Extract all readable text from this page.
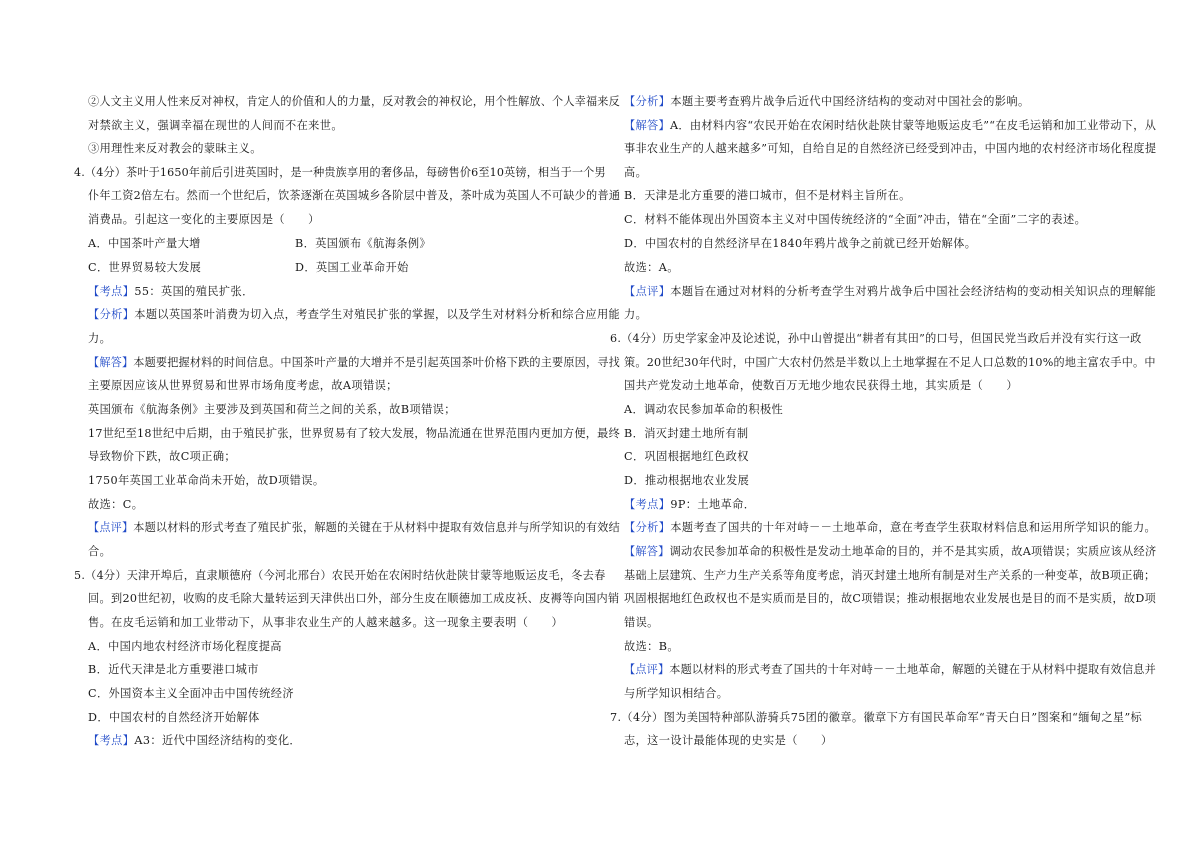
②人文主义用人性来反对神权，肯定人的价值和人的力量，反对教会的神权论，用个性解放、个人幸福来反
对禁欲主义，强调幸福在现世的人间而不在来世。
③用理性来反对教会的蒙昧主义。
4.（4分）茶叶于1650年前后引进英国时，是一种贵族享用的奢侈品，每磅售价6至10英镑，相当于一个男
仆年工资2倍左右。然而一个世纪后，饮茶逐渐在英国城乡各阶层中普及，茶叶成为英国人不可缺少的普通
消费品。引起这一变化的主要原因是（　　）
A．中国茶叶产量大增	B．英国颁布《航海条例》
C．世界贸易较大发展	D．英国工业革命开始
【考点】55：英国的殖民扩张．
【分析】本题以英国茶叶消费为切入点，考查学生对殖民扩张的掌握，以及学生对材料分析和综合应用能
力。
【解答】本题要把握材料的时间信息。中国茶叶产量的大增并不是引起英国茶叶价格下跌的主要原因，寻找
主要原因应该从世界贸易和世界市场角度考虑，故A项错误；
英国颁布《航海条例》主要涉及到英国和荷兰之间的关系，故B项错误；
17世纪至18世纪中后期，由于殖民扩张，世界贸易有了较大发展，物品流通在世界范围内更加方便，最终
导致物价下跌，故C项正确；
1750年英国工业革命尚未开始，故D项错误。
故选：C。
【点评】本题以材料的形式考查了殖民扩张，解题的关键在于从材料中提取有效信息并与所学知识的有效结
合。
5.（4分）天津开埠后，直隶顺德府（今河北邢台）农民开始在农闲时结伙赴陕甘蒙等地贩运皮毛，冬去春
回。到20世纪初，收购的皮毛除大量转运到天津供出口外，部分生皮在顺德加工成皮袄、皮褥等向国内销
售。在皮毛运销和加工业带动下，从事非农业生产的人越来越多。这一现象主要表明（　　）
A．中国内地农村经济市场化程度提高
B．近代天津是北方重要港口城市
C．外国资本主义全面冲击中国传统经济
D．中国农村的自然经济开始解体
【考点】A3：近代中国经济结构的变化．
【分析】本题主要考查鸦片战争后近代中国经济结构的变动对中国社会的影响。
【解答】A．由材料内容“农民开始在农闲时结伙赴陕甘蒙等地贩运皮毛”“在皮毛运销和加工业带动下，从
事非农业生产的人越来越多”可知，自给自足的自然经济已经受到冲击，中国内地的农村经济市场化程度提
高。
B．天津是北方重要的港口城市，但不是材料主旨所在。
C．材料不能体现出外国资本主义对中国传统经济的“全面”冲击，错在“全面”二字的表述。
D．中国农村的自然经济早在1840年鸦片战争之前就已经开始解体。
故选：A。
【点评】本题旨在通过对材料的分析考查学生对鸦片战争后中国社会经济结构的变动相关知识点的理解能
力。
6.（4分）历史学家金冲及论述说，孙中山曾提出“耕者有其田”的口号，但国民党当政后并没有实行这一政
策。20世纪30年代时，中国广大农村仍然是半数以上土地掌握在不足人口总数的10%的地主富农手中。中
国共产党发动土地革命，使数百万无地少地农民获得土地，其实质是（　　）
A．调动农民参加革命的积极性
B．消灭封建土地所有制
C．巩固根据地红色政权
D．推动根据地农业发展
【考点】9P：土地革命．
【分析】本题考查了国共的十年对峙－－土地革命，意在考查学生获取材料信息和运用所学知识的能力。
【解答】调动农民参加革命的积极性是发动土地革命的目的，并不是其实质，故A项错误；实质应该从经济
基础上层建筑、生产力生产关系等角度考虑，消灭封建土地所有制是对生产关系的一种变革，故B项正确；
巩固根据地红色政权也不是实质而是目的，故C项错误；推动根据地农业发展也是目的而不是实质，故D项
错误。
故选：B。
【点评】本题以材料的形式考查了国共的十年对峙－－土地革命，解题的关键在于从材料中提取有效信息并
与所学知识相结合。
7.（4分）图为美国特种部队游骑兵75团的徽章。徽章下方有国民革命军“青天白日”图案和“缅甸之星”标
志，这一设计最能体现的史实是（　　）
